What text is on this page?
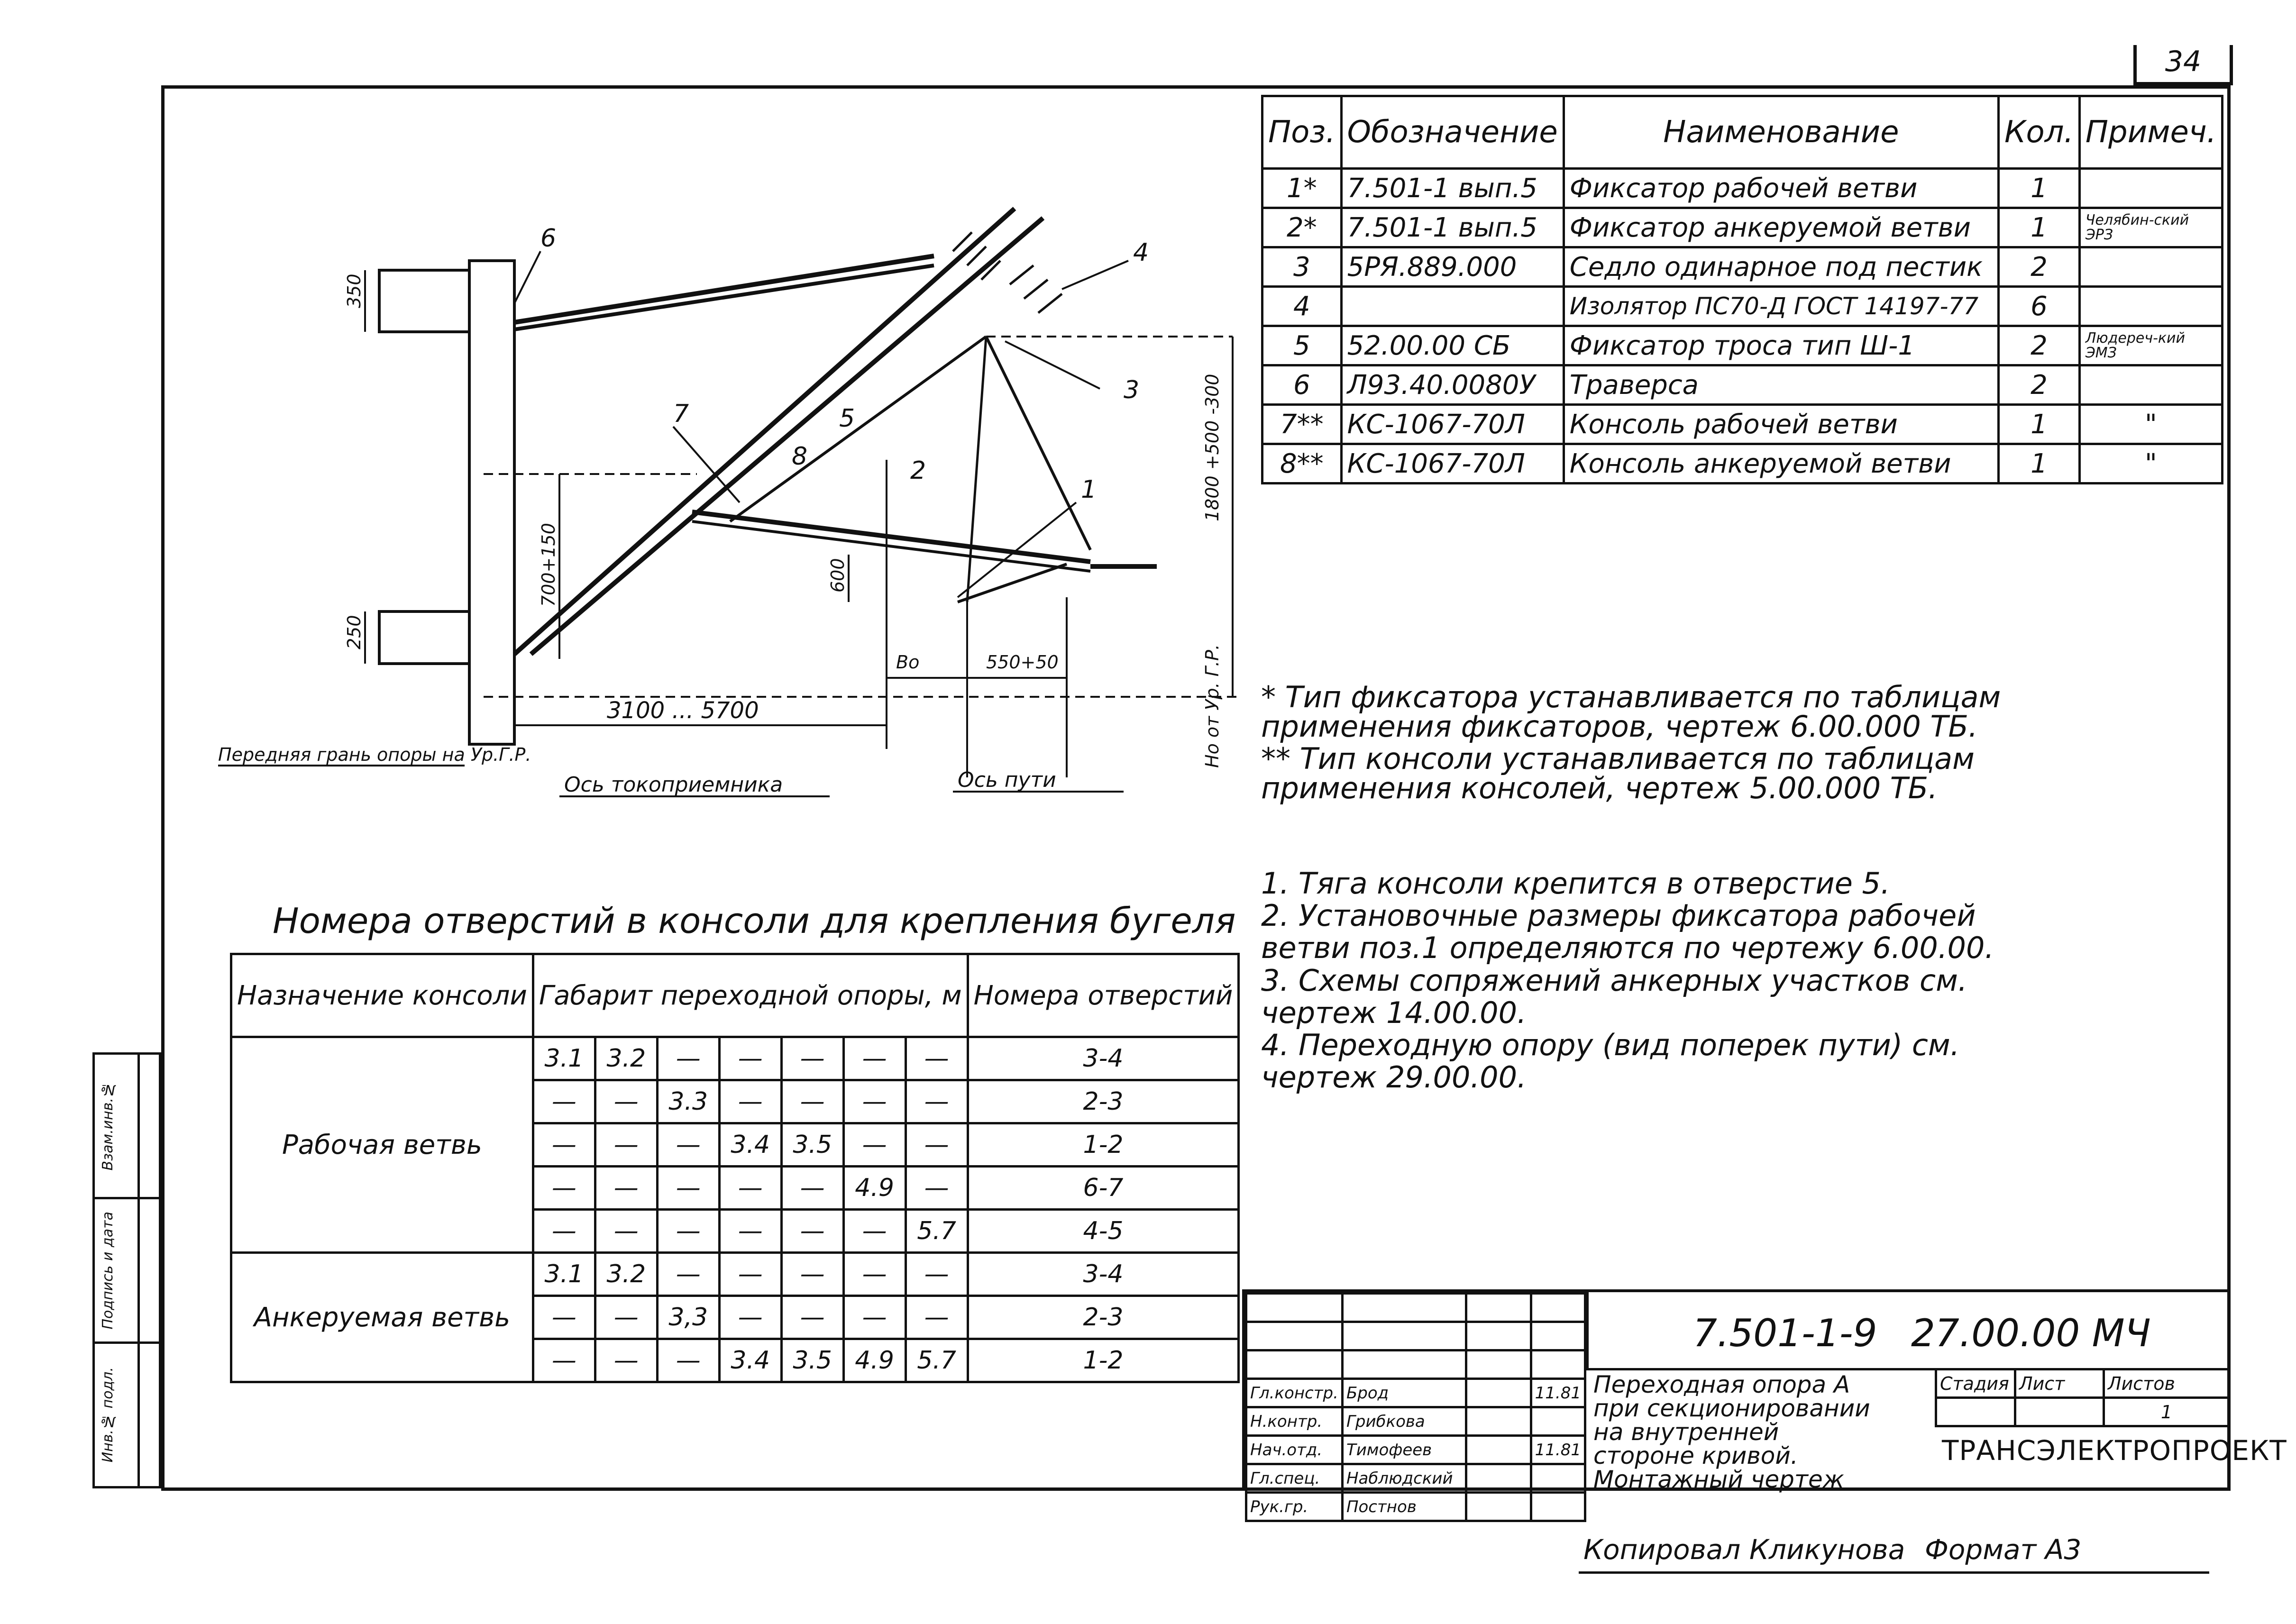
34
Взам.инв.№	

Подпись и дата	

Инв.№ подл.	

6	4
3
7	5
8	2
1
350
250
700+150	600
1800 +500 -300
3100 ... 5700
550+50
Во	Но от Ур. Г.Р.
Передняя грань опоры на Ур.Г.Р.
Ось токоприемника	Ось пути
Поз.	Обозначение	Наименование	Кол.	Примеч.
1*	7.501-1 вып.5	Фиксатор рабочей ветви	1	
2*	7.501-1 вып.5	Фиксатор анкеруемой ветви	1	Челябин-ский ЭРЗ
3	5РЯ.889.000	Седло одинарное под пестик	2	
4		Изолятор ПС70-Д ГОСТ 14197-77	6	
5	52.00.00 СБ	Фиксатор троса тип Ш-1	2	Людереч-кий ЭМЗ
6	Л93.40.0080У	Траверса	2	
7**	КС-1067-70Л	Консоль рабочей ветви	1	"
8**	КС-1067-70Л	Консоль анкеруемой ветви	1	"
* Тип фиксатора устанавливается по таблицам
применения фиксаторов, чертеж 6.00.000 ТБ.
** Тип консоли устанавливается по таблицам
применения консолей, чертеж 5.00.000 ТБ.
1. Тяга консоли крепится в отверстие 5.
2. Установочные размеры фиксатора рабочей
ветви поз.1 определяются по чертежу 6.00.00.
3. Схемы сопряжений анкерных участков см.
чертеж 14.00.00.
4. Переходную опору (вид поперек пути) см.
чертеж 29.00.00.
Номера отверстий в консоли для крепления бугеля
Назначение консоли	Габарит переходной опоры, м							Номера отверстий
Рабочая ветвь	3.1	3.2	—	—	—	—	—	3-4
	—	—	3.3	—	—	—	—	2-3
	—	—	—	3.4	3.5	—	—	1-2
	—	—	—	—	—	4.9	—	6-7
	—	—	—	—	—	—	5.7	4-5
Анкеруемая ветвь	3.1	3.2	—	—	—	—	—	3-4
	—	—	3,3	—	—	—	—	2-3
	—	—	—	3.4	3.5	4.9	5.7	1-2

Гл.констр.	Брод		11.81
Н.контр.	Грибкова		
Нач.отд.	Тимофеев		11.81
Гл.спец.	Наблюдский		
Рук.гр.	Постнов		
7.501-1-9 27.00.00 МЧ
Переходная опора А
при секционировании
на внутренней
стороне кривой.
Монтажный чертеж
Стадия	Лист	Листов
		1
ТРАНСЭЛЕКТРОПРОЕКТ
Копировал Кликунова Формат А3
